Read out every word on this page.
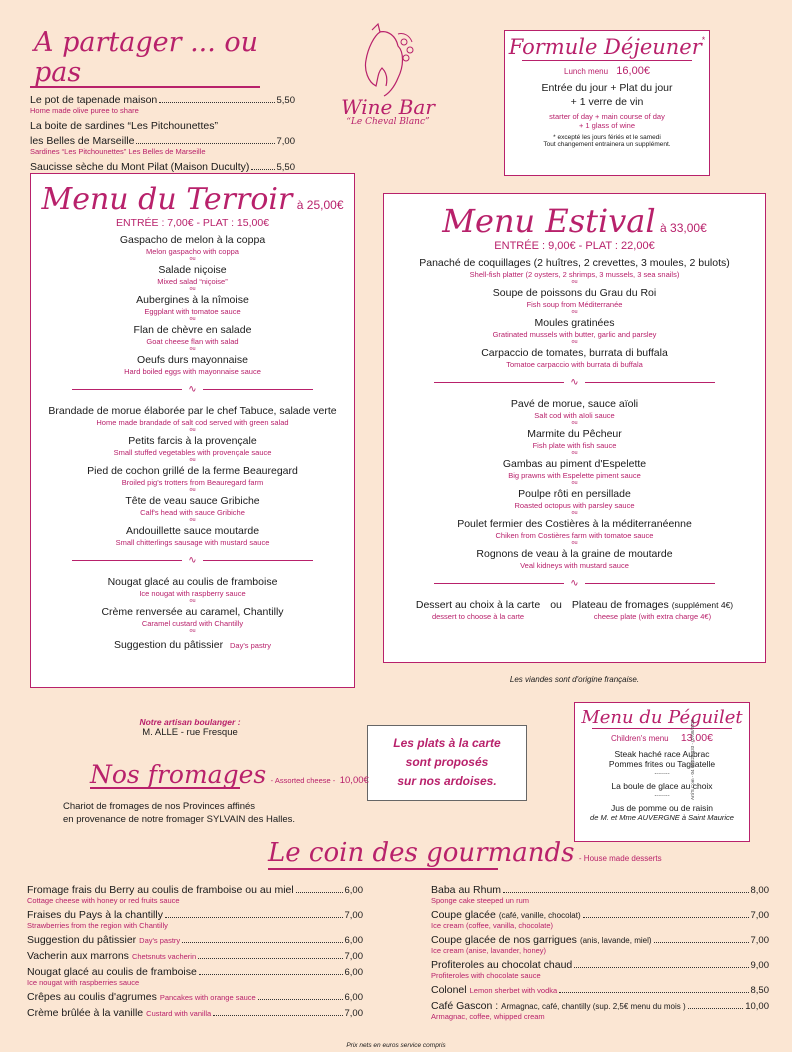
A partager ... ou pas
Le pot de tapenade maison	5,50
Home made olive puree to share
La boite de sardines “Les Pitchounettes”
les Belles de Marseille	7,00
Sardines “Les Pitchounettes” Les Belles de Marseille
Saucisse sèche du Mont Pilat (Maison Duculty)	5,50
Wine Bar
“Le Cheval Blanc”
Formule Déjeuner*
Lunch menu 16,00€
Entrée du jour + Plat du jour
+ 1 verre de vin
starter of day + main course of day
+ 1 glass of wine
* excepté les jours fériés et le samedi
Tout changement entrainera un supplément.
Menu du Terroir à 25,00€
ENTRÉE : 7,00€ - PLAT : 15,00€
Gaspacho de melon à la coppa
Melon gaspacho with coppa
ou
Salade niçoise
Mixed salad “niçoise”
ou
Aubergines à la nîmoise
Eggplant with tomatoe sauce
ou
Flan de chèvre en salade
Goat cheese flan with salad
ou
Oeufs durs mayonnaise
Hard boiled eggs with mayonnaise sauce
∿
Brandade de morue élaborée par le chef Tabuce, salade verte
Home made brandade of salt cod served with green salad
ou
Petits farcis à la provençale
Small stuffed vegetables with provençale sauce
ou
Pied de cochon grillé de la ferme Beauregard
Broiled pig's trotters from Beauregard farm
ou
Tête de veau sauce Gribiche
Calf's head with sauce Gribiche
ou
Andouillette sauce moutarde
Small chitterlings sausage with mustard sauce
∿
Nougat glacé au coulis de framboise
Ice nougat with raspberry sauce
ou
Crème renversée au caramel, Chantilly
Caramel custard with Chantilly
ou
Suggestion du pâtissier Day's pastry
Menu Estival à 33,00€
ENTRÉE : 9,00€ - PLAT : 22,00€
Panaché de coquillages (2 huîtres, 2 crevettes, 3 moules, 2 bulots)
Shell-fish platter (2 oysters, 2 shrimps, 3 mussels, 3 sea snails)
ou
Soupe de poissons du Grau du Roi
Fish soup from Méditerranée
ou
Moules gratinées
Gratinated mussels with butter, garlic and parsley
ou
Carpaccio de tomates, burrata di buffala
Tomatoe carpaccio with burrata di buffala
∿
Pavé de morue, sauce aïoli
Salt cod with aïoli sauce
ou
Marmite du Pêcheur
Fish plate with fish sauce
ou
Gambas au piment d'Espelette
Big prawns with Espelette piment sauce
ou
Poulpe rôti en persillade
Roasted octopus with parsley sauce
ou
Poulet fermier des Costières à la méditerranéenne
Chiken from Costières farm with tomatoe sauce
ou
Rognons de veau à la graine de moutarde
Veal kidneys with mustard sauce
∿
Dessert au choix à la carte
dessert to choose à la carte
ou Plateau de fromages (supplément 4€)
cheese plate (with extra charge 4€)
Les viandes sont d'origine française.
Notre artisan boulanger :
M. ALLE - rue Fresque
Les plats à la carte
sont proposés
sur nos ardoises.
Nos fromages - Assorted cheese - 10,00€
Chariot de fromages de nos Provinces affinés
en provenance de notre fromager SYLVAIN des Halles.
Menu du Péguilet
Children's menu 13,00€
Steak haché race Aubrac
Pommes frites ou Tagliatelle
........
La boule de glace au choix
........
Jus de pomme ou de raisin
de M. et Mme AUVERGNE à Saint Maurice
Arti’S Com - 04 66 222 333 - 07/08/2025
Le coin des gourmands - House made desserts
Fromage frais du Berry au coulis de framboise ou au miel	6,00
Cottage cheese with honey or red fruits sauce
Fraises du Pays à la chantilly	7,00
Strawberries from the region with Chantilly
Suggestion du pâtissier Day's pastry	6,00
Vacherin aux marrons Chetsnuts vacherin	7,00
Nougat glacé au coulis de framboise	6,00
Ice nougat with raspberries sauce
Crêpes au coulis d'agrumes Pancakes with orange sauce	6,00
Crème brûlée à la vanille Custard with vanilla	7,00
Baba au Rhum	8,00
Sponge cake steeped un rum
Coupe glacée (café, vanille, chocolat)	7,00
Ice cream (coffee, vanilla, chocolate)
Coupe glacée de nos garrigues (anis, lavande, miel)	7,00
Ice cream (anise, lavander, honey)
Profiteroles au chocolat chaud	9,00
Profiteroles with chocolate sauce
Colonel Lemon sherbet with vodka	8,50
Café Gascon : Armagnac, café, chantilly (sup. 2,5€ menu du mois )	10,00
Armagnac, coffee, whipped cream
Prix nets en euros service compris
